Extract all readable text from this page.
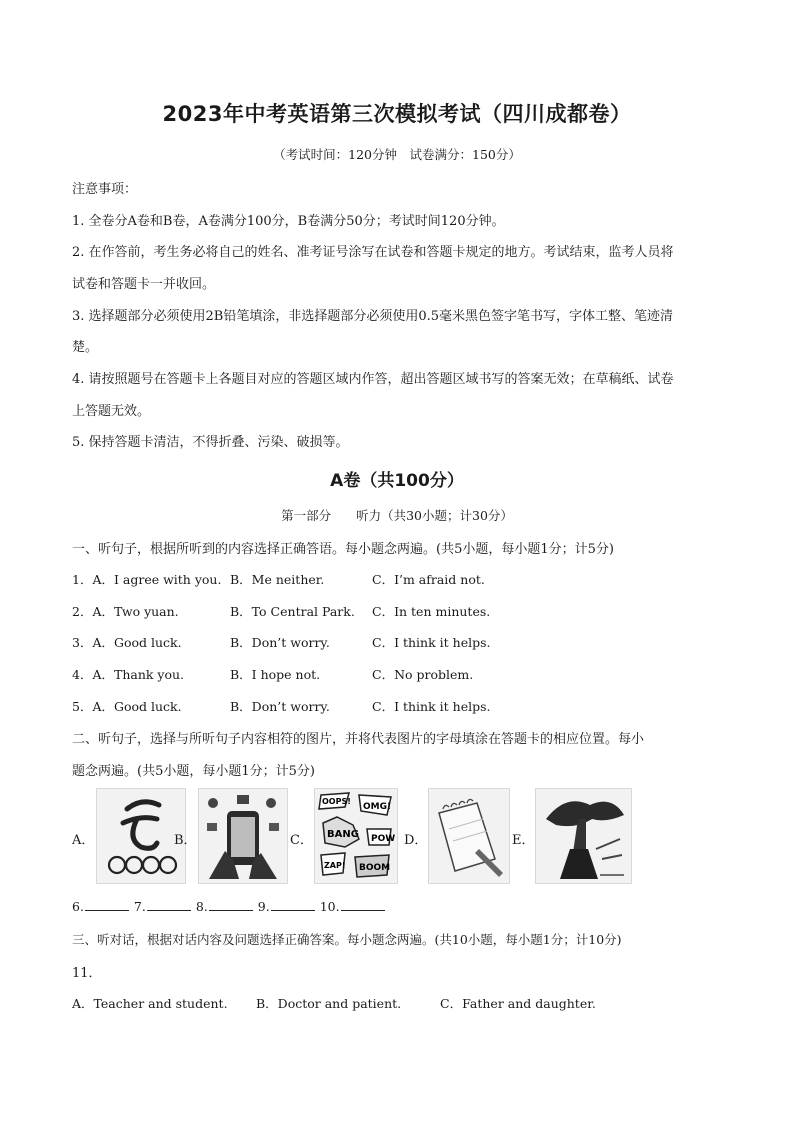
2023年中考英语第三次模拟考试（四川成都卷）
（考试时间：120分钟　试卷满分：150分）
注意事项：
1. 全卷分A卷和B卷，A卷满分100分，B卷满分50分；考试时间120分钟。
2. 在作答前，考生务必将自己的姓名、准考证号涂写在试卷和答题卡规定的地方。考试结束，监考人员将
试卷和答题卡一并收回。
3. 选择题部分必须使用2B铅笔填涂，非选择题部分必须使用0.5毫米黑色签字笔书写，字体工整、笔迹清
楚。
4. 请按照题号在答题卡上各题目对应的答题区域内作答，超出答题区域书写的答案无效；在草稿纸、试卷
上答题无效。
5. 保持答题卡清洁，不得折叠、污染、破损等。
A卷（共100分）
第一部分　　听力（共30小题；计30分）
一、听句子，根据所听到的内容选择正确答语。每小题念两遍。(共5小题，每小题1分；计5分)
1．A．I agree with you. B．Me neither.	C．I’m afraid not.
2．A．Two yuan.	B．To Central Park. C．In ten minutes.
3．A．Good luck.	B．Don’t worry.	C．I think it helps.
4．A．Thank you.	B．I hope not.	C．No problem.
5．A．Good luck.	B．Don’t worry.	C．I think it helps.
二、听句子，选择与所听句子内容相符的图片，并将代表图片的字母填涂在答题卡的相应位置。每小
题念两遍。(共5小题，每小题1分；计5分)
A．	B．	C．
OOPS!
OMG!
BANG POW
ZAP! BOOM
D．	E．
6.	7.	8.	9.	10.
三、听对话，根据对话内容及问题选择正确答案。每小题念两遍。(共10小题，每小题1分；计10分)
11．
A．Teacher and student. B．Doctor and patient.	C．Father and daughter.
